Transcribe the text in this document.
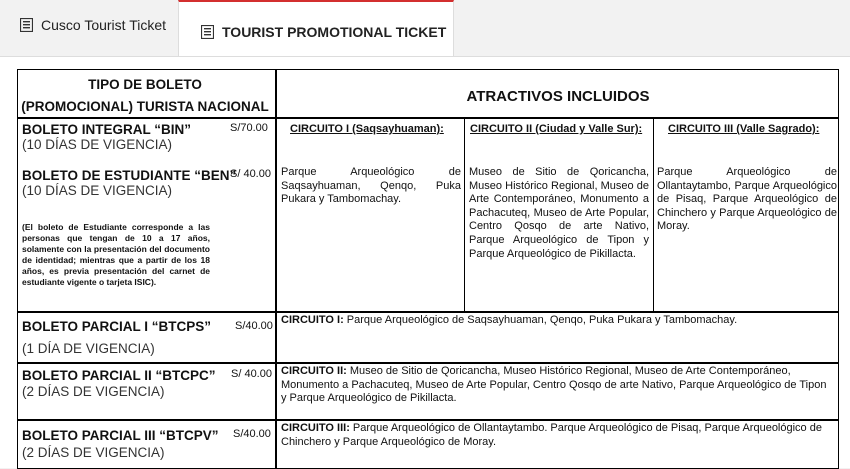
Cusco Tourist Ticket	TOURIST PROMOTIONAL TICKET
TIPO DE BOLETO
(PROMOCIONAL) TURISTA NACIONAL
ATRACTIVOS INCLUIDOS
BOLETO INTEGRAL “BIN”	S/70.00
(10 DÍAS DE VIGENCIA)
BOLETO DE ESTUDIANTE “BEN”
S/ 40.00
(10 DÍAS DE VIGENCIA)
(El boleto de Estudiante corresponde a las personas que tengan de 10 a 17 años, solamente con la presentación del documento de identidad; mientras que a partir de los 18 años, es previa presentación del carnet de estudiante vigente o tarjeta ISIC).
CIRCUITO I (Saqsayhuaman): CIRCUITO II (Ciudad y Valle Sur): CIRCUITO III (Valle Sagrado):
Parque Arqueológico de Saqsayhuaman, Qenqo, Puka Pukara y Tambomachay.
Museo de Sitio de Qoricancha, Museo Histórico Regional, Museo de Arte Contemporáneo, Monumento a Pachacuteq, Museo de Arte Popular, Centro Qosqo de arte Nativo, Parque Arqueológico de Tipon y Parque Arqueológico de Pikillacta.
Parque Arqueológico de Ollantaytambo, Parque Arqueológico de Pisaq, Parque Arqueológico de Chinchero y Parque Arqueológico de Moray.
BOLETO PARCIAL I “BTCPS” S/40.00
(1 DÍA DE VIGENCIA)
CIRCUITO I: Parque Arqueológico de Saqsayhuaman, Qenqo, Puka Pukara y Tambomachay.
BOLETO PARCIAL II “BTCPC” S/ 40.00
(2 DÍAS DE VIGENCIA)
CIRCUITO II: Museo de Sitio de Qoricancha, Museo Histórico Regional, Museo de Arte Contemporáneo, Monumento a Pachacuteq, Museo de Arte Popular, Centro Qosqo de arte Nativo, Parque Arqueológico de Tipon y Parque Arqueológico de Pikillacta.
BOLETO PARCIAL III “BTCPV” S/40.00
(2 DÍAS DE VIGENCIA)
CIRCUITO III: Parque Arqueológico de Ollantaytambo. Parque Arqueológico de Pisaq, Parque Arqueológico de Chinchero y Parque Arqueológico de Moray.
